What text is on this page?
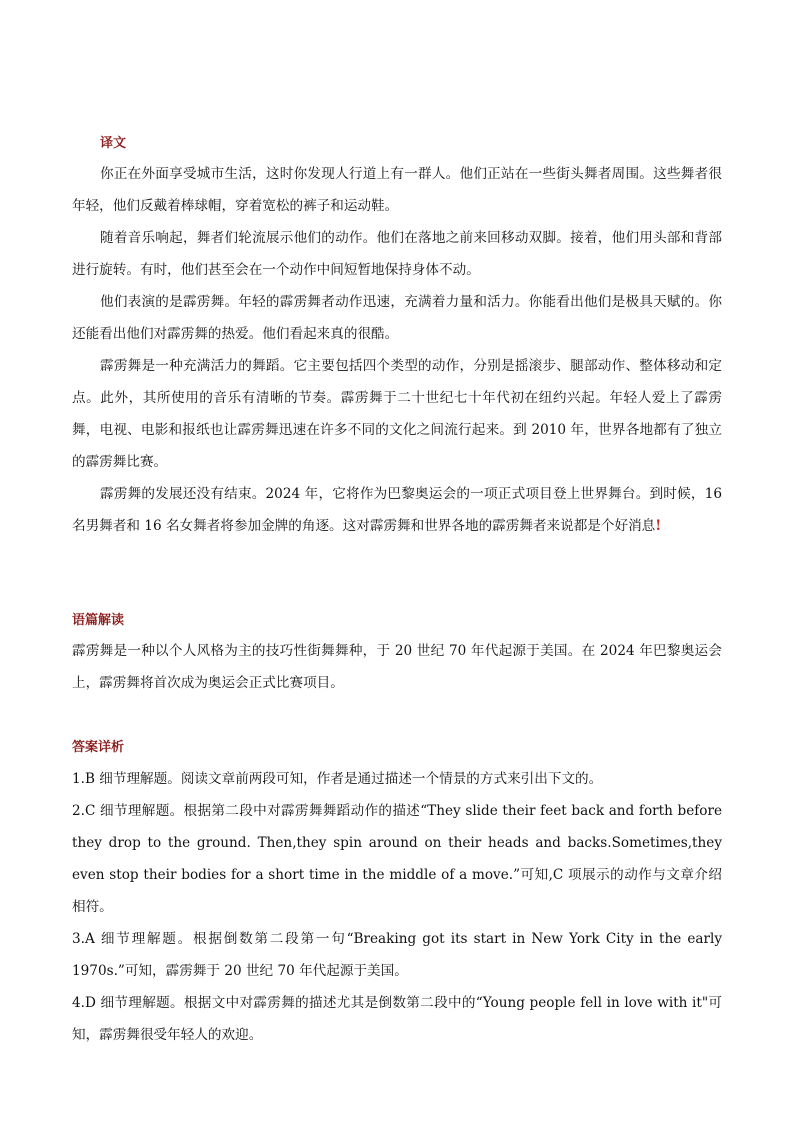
译文
你正在外面享受城市生活，这时你发现人行道上有一群人。他们正站在一些街头舞者周围。这些舞者很年轻，他们反戴着棒球帽，穿着宽松的裤子和运动鞋。
随着音乐响起，舞者们轮流展示他们的动作。他们在落地之前来回移动双脚。接着，他们用头部和背部进行旋转。有时，他们甚至会在一个动作中间短暂地保持身体不动。
他们表演的是霹雳舞。年轻的霹雳舞者动作迅速，充满着力量和活力。你能看出他们是极具天赋的。你还能看出他们对霹雳舞的热爱。他们看起来真的很酷。
霹雳舞是一种充满活力的舞蹈。它主要包括四个类型的动作，分别是摇滚步、腿部动作、整体移动和定点。此外，其所使用的音乐有清晰的节奏。霹雳舞于二十世纪七十年代初在纽约兴起。年轻人爱上了霹雳舞，电视、电影和报纸也让霹雳舞迅速在许多不同的文化之间流行起来。到 2010 年，世界各地都有了独立的霹雳舞比赛。
霹雳舞的发展还没有结束。2024 年，它将作为巴黎奥运会的一项正式项目登上世界舞台。到时候，16 名男舞者和 16 名女舞者将参加金牌的角逐。这对霹雳舞和世界各地的霹雳舞者来说都是个好消息!
语篇解读
霹雳舞是一种以个人风格为主的技巧性街舞舞种，于 20 世纪 70 年代起源于美国。在 2024 年巴黎奥运会上，霹雳舞将首次成为奥运会正式比赛项目。
答案详析
1.B 细节理解题。阅读文章前两段可知，作者是通过描述一个情景的方式来引出下文的。
2.C 细节理解题。根据第二段中对霹雳舞舞蹈动作的描述“They slide their feet back and forth before they drop to the ground. Then,they spin around on their heads and backs.Sometimes,they even stop their bodies for a short time in the middle of a move.”可知,C 项展示的动作与文章介绍相符。
3.A 细节理解题。根据倒数第二段第一句“Breaking got its start in New York City in the early 1970s.”可知，霹雳舞于 20 世纪 70 年代起源于美国。
4.D 细节理解题。根据文中对霹雳舞的描述尤其是倒数第二段中的“Young people fell in love with it"可知，霹雳舞很受年轻人的欢迎。
